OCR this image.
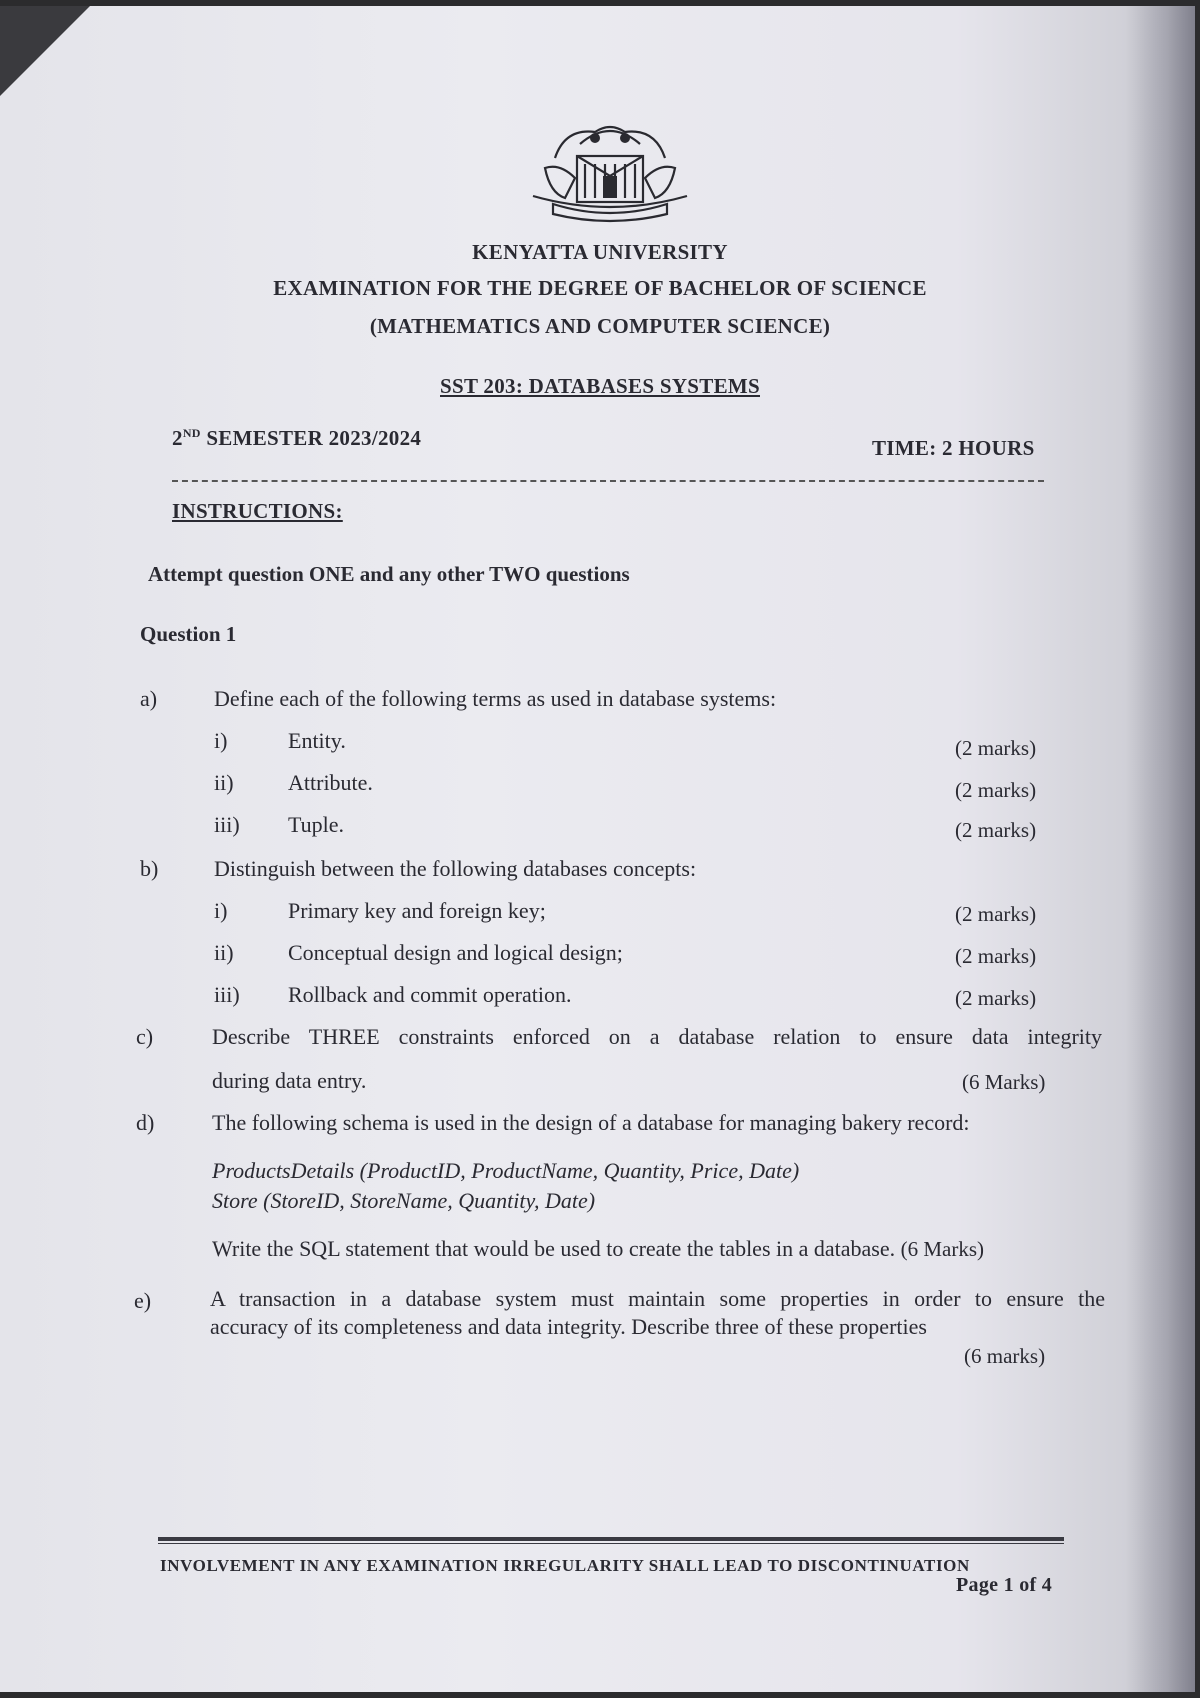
KENYATTA UNIVERSITY
EXAMINATION FOR THE DEGREE OF BACHELOR OF SCIENCE
(MATHEMATICS AND COMPUTER SCIENCE)
SST 203: DATABASES SYSTEMS
2ND SEMESTER 2023/2024	TIME: 2 HOURS
INSTRUCTIONS:
Attempt question ONE and any other TWO questions
Question 1
a)	Define each of the following terms as used in database systems:
i)	Entity.	(2 marks)
ii) Attribute.	(2 marks)
iii) Tuple.	(2 marks)
b)	Distinguish between the following databases concepts:
i)	Primary key and foreign key;	(2 marks)
ii) Conceptual design and logical design;	(2 marks)
iii) Rollback and commit operation.	(2 marks)
c)	Describe THREE constraints enforced on a database relation to ensure data integrity
during data entry.	(6 Marks)
d)	The following schema is used in the design of a database for managing bakery record:
ProductsDetails (ProductID, ProductName, Quantity, Price, Date)
Store (StoreID, StoreName, Quantity, Date)
Write the SQL statement that would be used to create the tables in a database. (6 Marks)
e)	A transaction in a database system must maintain some properties in order to ensure the
accuracy of its completeness and data integrity. Describe three of these properties
(6 marks)
INVOLVEMENT IN ANY EXAMINATION IRREGULARITY SHALL LEAD TO DISCONTINUATION
Page 1 of 4
